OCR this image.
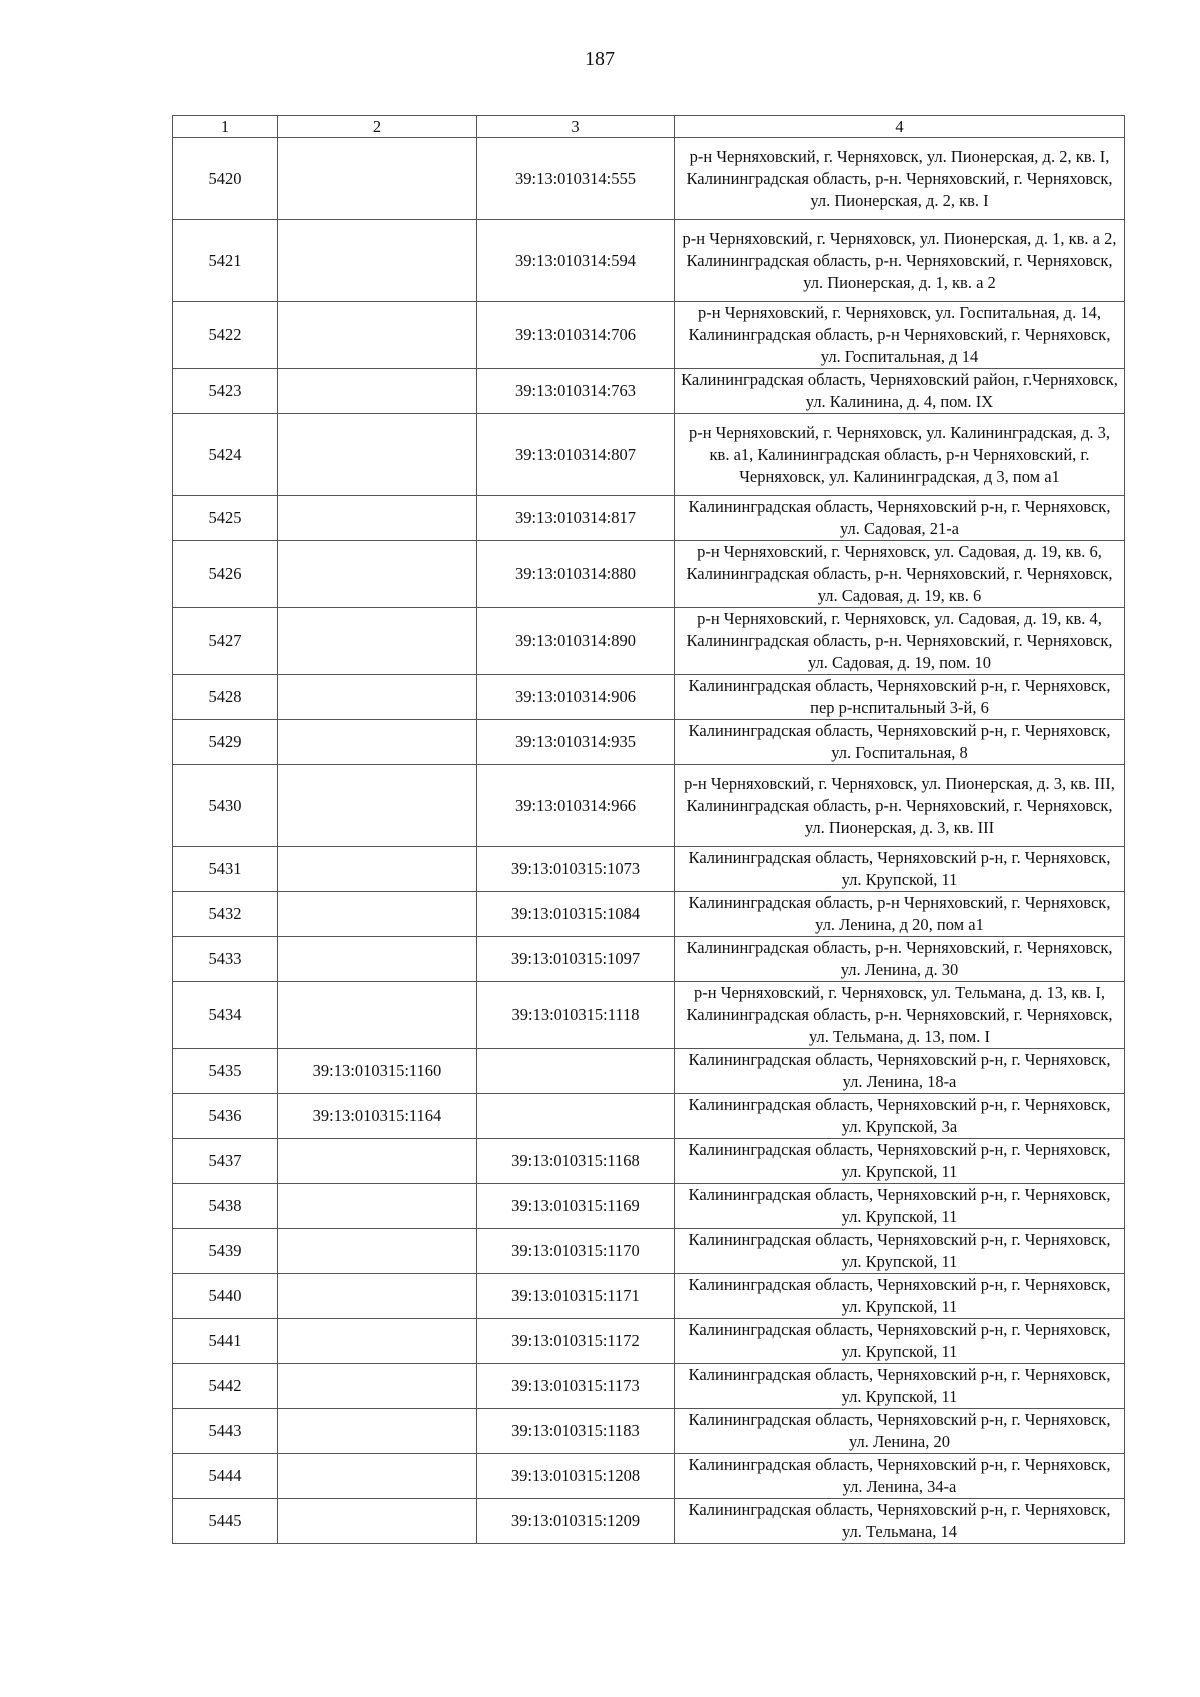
187
1	2	3	4
5420		39:13:010314:555	р-н Черняховский, г. Черняховск, ул. Пионерская, д. 2, кв. I, Калининградская область, р-н. Черняховский, г. Черняховск, ул. Пионерская, д. 2, кв. I
5421		39:13:010314:594	р-н Черняховский, г. Черняховск, ул. Пионерская, д. 1, кв. а 2, Калининградская область, р-н. Черняховский, г. Черняховск, ул. Пионерская, д. 1, кв. а 2
5422		39:13:010314:706	р-н Черняховский, г. Черняховск, ул. Госпитальная, д. 14, Калининградская область, р-н Черняховский, г. Черняховск, ул. Госпитальная, д 14
5423		39:13:010314:763	Калининградская область, Черняховский район, г.Черняховск, ул. Калинина, д. 4, пом. IX
5424		39:13:010314:807	р-н Черняховский, г. Черняховск, ул. Калининградская, д. 3, кв. а1, Калининградская область, р-н Черняховский, г. Черняховск, ул. Калининградская, д 3, пом а1
5425		39:13:010314:817	Калининградская область, Черняховский р-н, г. Черняховск, ул. Садовая, 21-а
5426		39:13:010314:880	р-н Черняховский, г. Черняховск, ул. Садовая, д. 19, кв. 6, Калининградская область, р-н. Черняховский, г. Черняховск, ул. Садовая, д. 19, кв. 6
5427		39:13:010314:890	р-н Черняховский, г. Черняховск, ул. Садовая, д. 19, кв. 4, Калининградская область, р-н. Черняховский, г. Черняховск, ул. Садовая, д. 19, пом. 10
5428		39:13:010314:906	Калининградская область, Черняховский р-н, г. Черняховск, пер р-нспитальный 3-й, 6
5429		39:13:010314:935	Калининградская область, Черняховский р-н, г. Черняховск, ул. Госпитальная, 8
5430		39:13:010314:966	р-н Черняховский, г. Черняховск, ул. Пионерская, д. 3, кв. III, Калининградская область, р-н. Черняховский, г. Черняховск, ул. Пионерская, д. 3, кв. III
5431		39:13:010315:1073	Калининградская область, Черняховский р-н, г. Черняховск, ул. Крупской, 11
5432		39:13:010315:1084	Калининградская область, р-н Черняховский, г. Черняховск, ул. Ленина, д 20, пом а1
5433		39:13:010315:1097	Калининградская область, р-н. Черняховский, г. Черняховск, ул. Ленина, д. 30
5434		39:13:010315:1118	р-н Черняховский, г. Черняховск, ул. Тельмана, д. 13, кв. I, Калининградская область, р-н. Черняховский, г. Черняховск, ул. Тельмана, д. 13, пом. I
5435	39:13:010315:1160		Калининградская область, Черняховский р-н, г. Черняховск, ул. Ленина, 18-а
5436	39:13:010315:1164		Калининградская область, Черняховский р-н, г. Черняховск, ул. Крупской, 3а
5437		39:13:010315:1168	Калининградская область, Черняховский р-н, г. Черняховск, ул. Крупской, 11
5438		39:13:010315:1169	Калининградская область, Черняховский р-н, г. Черняховск, ул. Крупской, 11
5439		39:13:010315:1170	Калининградская область, Черняховский р-н, г. Черняховск, ул. Крупской, 11
5440		39:13:010315:1171	Калининградская область, Черняховский р-н, г. Черняховск, ул. Крупской, 11
5441		39:13:010315:1172	Калининградская область, Черняховский р-н, г. Черняховск, ул. Крупской, 11
5442		39:13:010315:1173	Калининградская область, Черняховский р-н, г. Черняховск, ул. Крупской, 11
5443		39:13:010315:1183	Калининградская область, Черняховский р-н, г. Черняховск, ул. Ленина, 20
5444		39:13:010315:1208	Калининградская область, Черняховский р-н, г. Черняховск, ул. Ленина, 34-а
5445		39:13:010315:1209	Калининградская область, Черняховский р-н, г. Черняховск, ул. Тельмана, 14
